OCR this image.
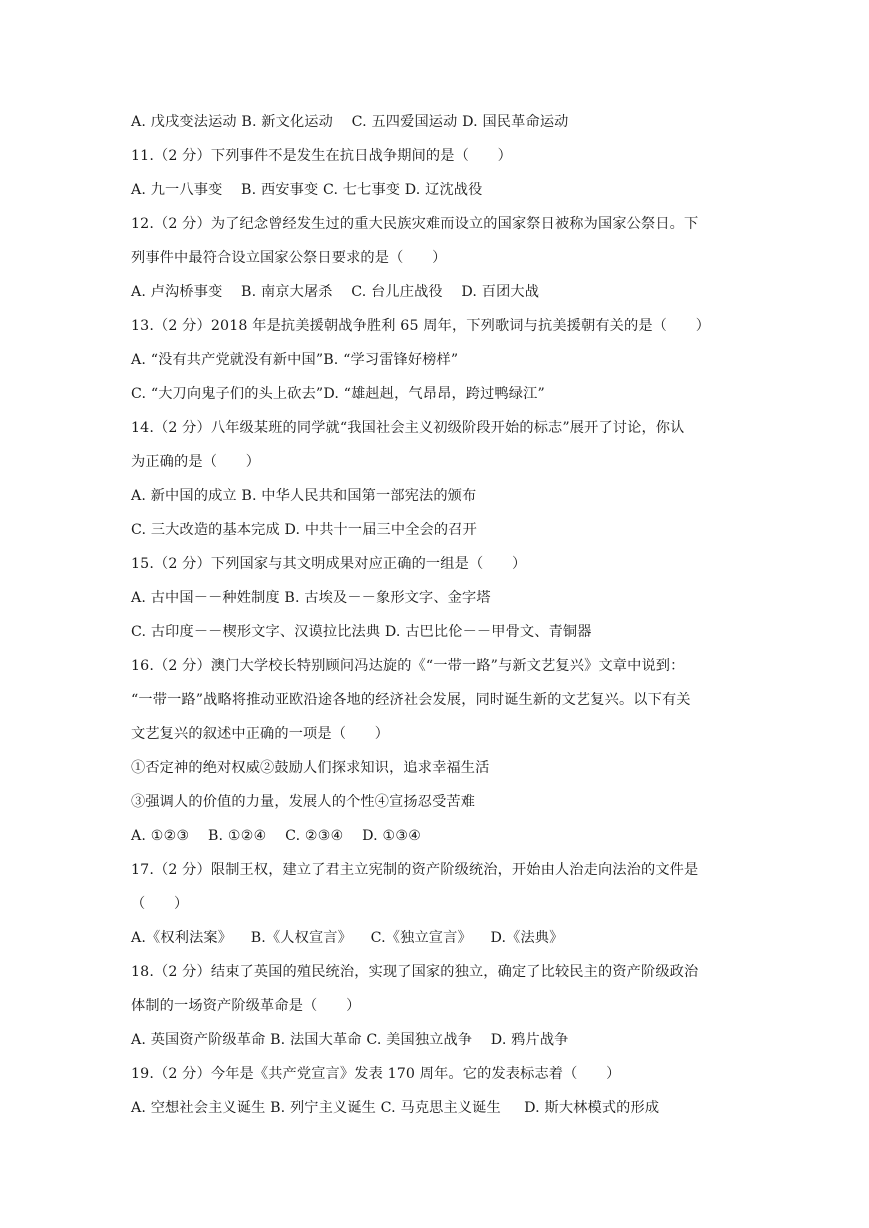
A. 戊戌变法运动 B. 新文化运动    C. 五四爱国运动 D. 国民革命运动
11.（2 分）下列事件不是发生在抗日战争期间的是（　　）
A. 九一八事变    B. 西安事变 C. 七七事变 D. 辽沈战役
12.（2 分）为了纪念曾经发生过的重大民族灾难而设立的国家祭日被称为国家公祭日。下
列事件中最符合设立国家公祭日要求的是（　　）
A. 卢沟桥事变    B. 南京大屠杀    C. 台儿庄战役    D. 百团大战
13.（2 分）2018 年是抗美援朝战争胜利 65 周年，下列歌词与抗美援朝有关的是（　　）
A. “没有共产党就没有新中国”B. “学习雷锋好榜样”
C. “大刀向鬼子们的头上砍去”D. “雄赳赳，气昂昂，跨过鸭绿江”
14.（2 分）八年级某班的同学就“我国社会主义初级阶段开始的标志”展开了讨论，你认
为正确的是（　　）
A. 新中国的成立 B. 中华人民共和国第一部宪法的颁布
C. 三大改造的基本完成 D. 中共十一届三中全会的召开
15.（2 分）下列国家与其文明成果对应正确的一组是（　　）
A. 古中国－－种姓制度 B. 古埃及－－象形文字、金字塔
C. 古印度－－楔形文字、汉谟拉比法典 D. 古巴比伦－－甲骨文、青铜器
16.（2 分）澳门大学校长特别顾问冯达旋的《“一带一路”与新文艺复兴》文章中说到：
“一带一路”战略将推动亚欧沿途各地的经济社会发展，同时诞生新的文艺复兴。以下有关
文艺复兴的叙述中正确的一项是（　　）
①否定神的绝对权威②鼓励人们探求知识，追求幸福生活
③强调人的价值的力量，发展人的个性④宣扬忍受苦难
A. ①②③    B. ①②④    C. ②③④    D. ①③④
17.（2 分）限制王权，建立了君主立宪制的资产阶级统治，开始由人治走向法治的文件是
（　　）
A.《权利法案》    B.《人权宣言》    C.《独立宣言》    D.《法典》
18.（2 分）结束了英国的殖民统治，实现了国家的独立，确定了比较民主的资产阶级政治
体制的一场资产阶级革命是（　　）
A. 英国资产阶级革命 B. 法国大革命 C. 美国独立战争    D. 鸦片战争
19.（2 分）今年是《共产党宣言》发表 170 周年。它的发表标志着（　　）
A. 空想社会主义诞生 B. 列宁主义诞生 C. 马克思主义诞生     D. 斯大林模式的形成
